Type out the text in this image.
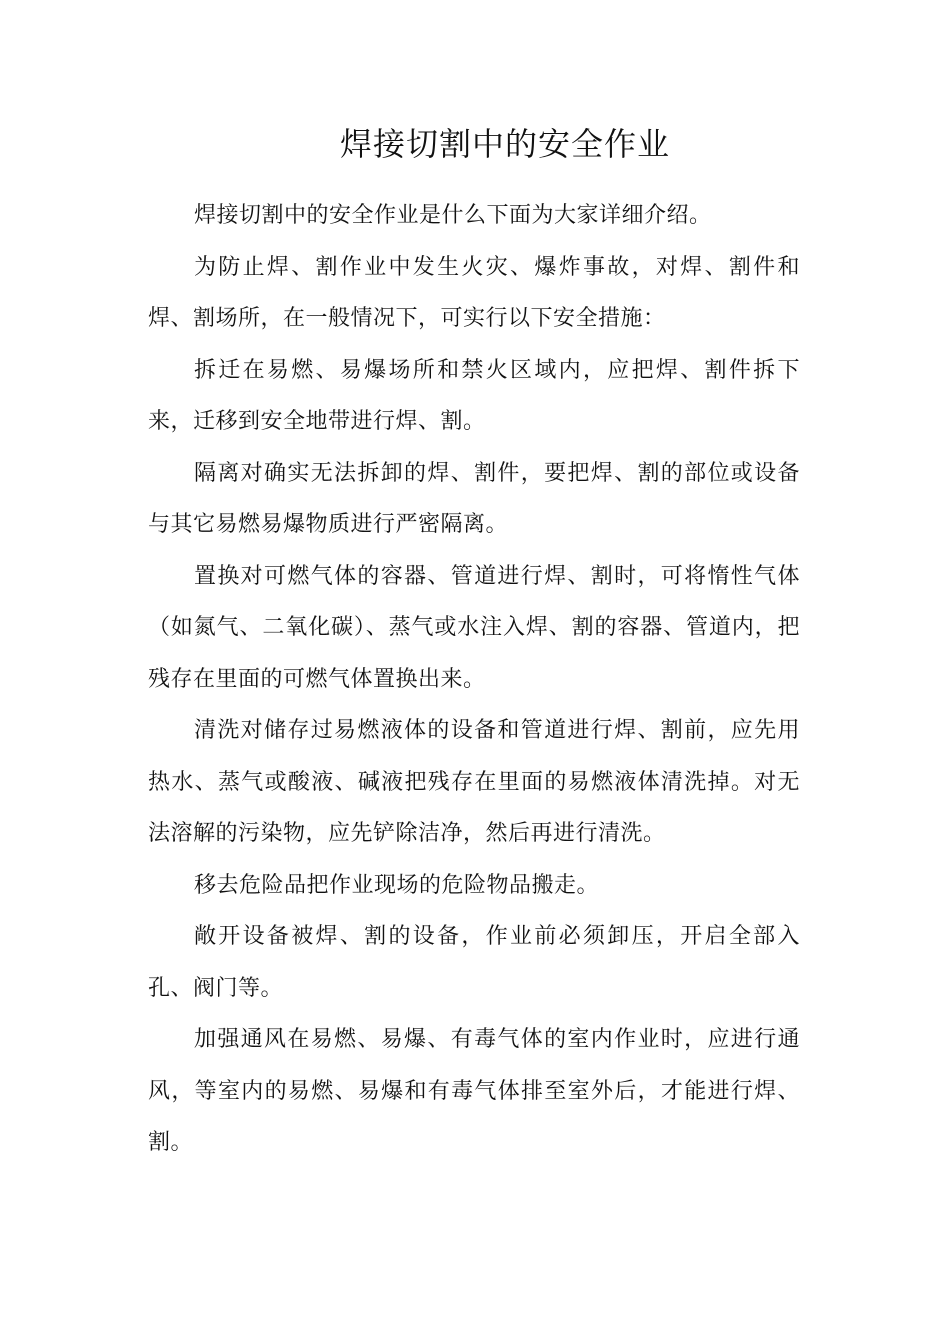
焊接切割中的安全作业

焊接切割中的安全作业是什么下面为大家详细介绍。

为防止焊、割作业中发生火灾、爆炸事故，对焊、割件和焊、割场所，在一般情况下，可实行以下安全措施：

拆迁在易燃、易爆场所和禁火区域内，应把焊、割件拆下来，迁移到安全地带进行焊、割。

隔离对确实无法拆卸的焊、割件，要把焊、割的部位或设备与其它易燃易爆物质进行严密隔离。

置换对可燃气体的容器、管道进行焊、割时，可将惰性气体（如氮气、二氧化碳）、蒸气或水注入焊、割的容器、管道内，把残存在里面的可燃气体置换出来。

清洗对储存过易燃液体的设备和管道进行焊、割前，应先用热水、蒸气或酸液、碱液把残存在里面的易燃液体清洗掉。对无法溶解的污染物，应先铲除洁净，然后再进行清洗。

移去危险品把作业现场的危险物品搬走。

敞开设备被焊、割的设备，作业前必须卸压，开启全部入孔、阀门等。

加强通风在易燃、易爆、有毒气体的室内作业时，应进行通风，等室内的易燃、易爆和有毒气体排至室外后，才能进行焊、割。
